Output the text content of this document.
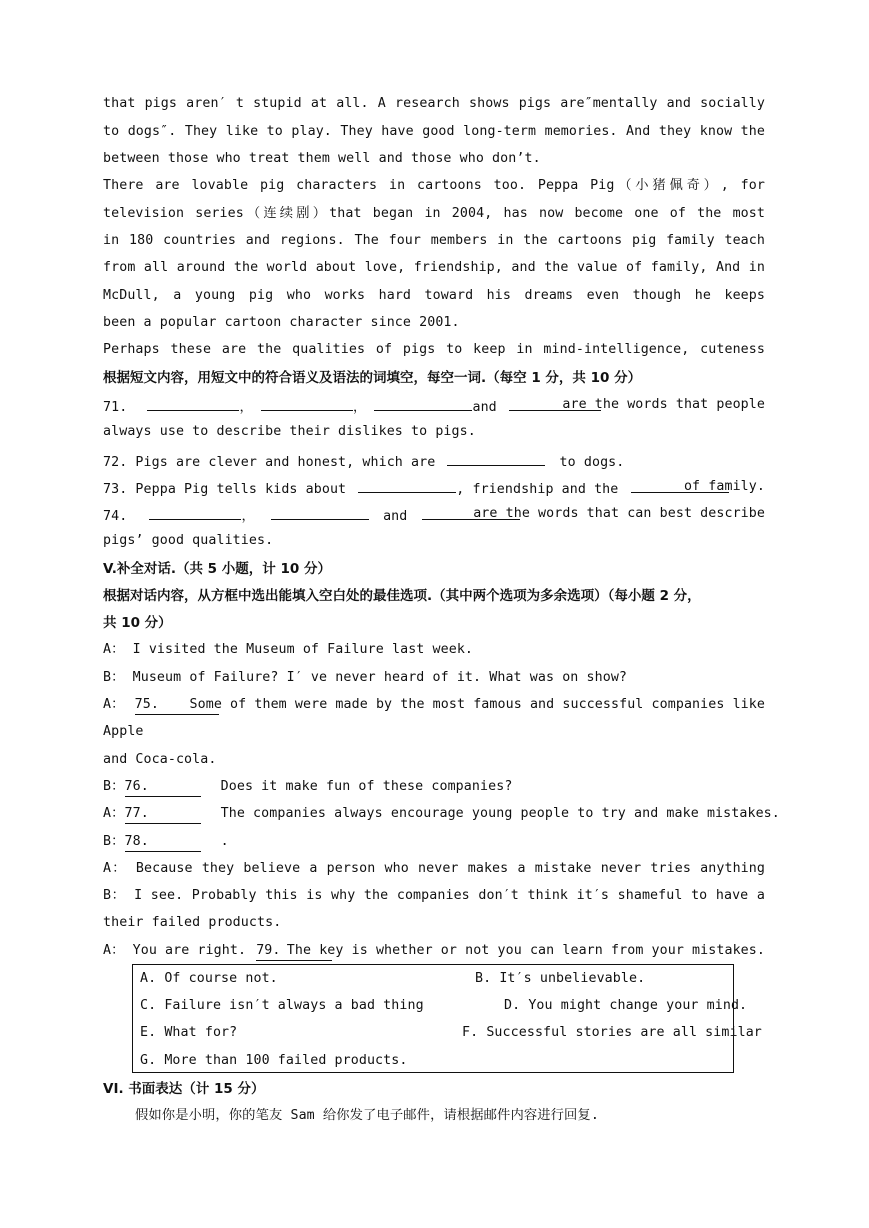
that pigs aren′ t stupid at all. A research shows pigs are″mentally and socially
to dogs″. They like to play. They have good long-term memories. And they know the
between those who treat them well and those who don’t.
There are lovable pig characters in cartoons too. Peppa Pig（小猪佩奇）, for
television series（连续剧）that began in 2004, has now become one of the most
in 180 countries and regions. The four members in the cartoons pig family teach
from all around the world about love, friendship, and the value of family, And in
McDull, a young pig who works hard toward his dreams even though he keeps
been a popular cartoon character since 2001.
Perhaps these are the qualities of pigs to keep in mind-intelligence, cuteness
根据短文内容，用短文中的符合语义及语法的词填空，每空一词.（每空 1 分，共 10 分）
71.	，	，	and	are the words that people
always use to describe their dislikes to pigs.
72. Pigs are clever and honest, which are	to dogs.
73. Peppa Pig tells kids about	, friendship and the	of family.
74.	，	and	are the words that can best describe
pigs’ good qualities.
V.补全对话.（共 5 小题，计 10 分）
根据对话内容，从方框中选出能填入空白处的最佳选项.（其中两个选项为多余选项）（每小题 2 分，
共 10 分）
A： I visited the Museum of Failure last week.
B： Museum of Failure? I′ ve never heard of it. What was on show?
A： 75. Some of them were made by the most famous and successful companies like
Apple
and Coca-cola.
B：76.	Does it make fun of these companies?
A：77.	The companies always encourage young people to try and make mistakes.
B：78.	.
A： Because they believe a person who never makes a mistake never tries anything
B： I see. Probably this is why the companies don′t think it′s shameful to have a
their failed products.
A： You are right. 79. The key is whether or not you can learn from your mistakes.
A. Of course not.	B. It′s unbelievable.
C. Failure isn′t always a bad thing	D. You might change your mind.
E. What for?	F. Successful stories are all similar
G. More than 100 failed products.
VI. 书面表达（计 15 分）
假如你是小明，你的笔友 Sam 给你发了电子邮件，请根据邮件内容进行回复.
